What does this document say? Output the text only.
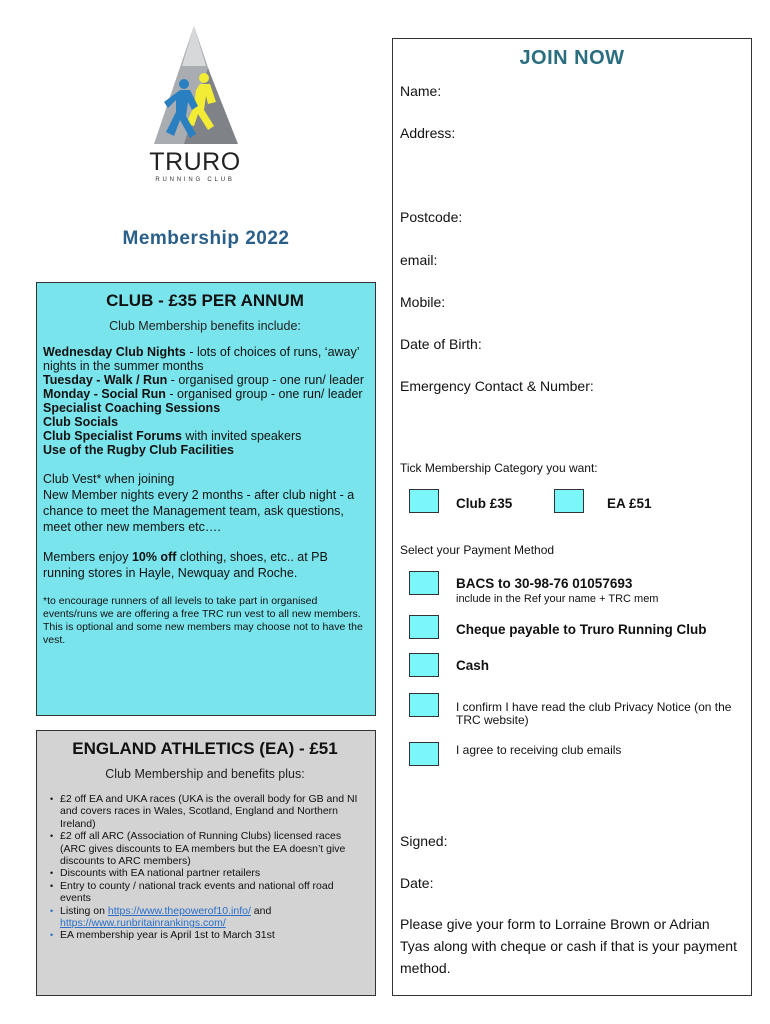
TRURO
RUNNING CLUB
Membership 2022
CLUB - £35 PER ANNUM
Club Membership benefits include:
Wednesday Club Nights - lots of choices of runs, ‘away’ nights in the summer months
Tuesday - Walk / Run - organised group - one run/ leader
Monday - Social Run - organised group - one run/ leader
Specialist Coaching Sessions
Club Socials
Club Specialist Forums with invited speakers
Use of the Rugby Club Facilities
Club Vest* when joining
New Member nights every 2 months - after club night - a chance to meet the Management team, ask questions, meet other new members etc….
Members enjoy 10% off clothing, shoes, etc.. at PB running stores in Hayle, Newquay and Roche.
*to encourage runners of all levels to take part in organised events/runs we are offering a free TRC run vest to all new members. This is optional and some new members may choose not to have the vest.
ENGLAND ATHLETICS (EA) - £51
Club Membership and benefits plus:
• £2 off EA and UKA races (UKA is the overall body for GB and NI and covers races in Wales, Scotland, England and Northern Ireland)
• £2 off all ARC (Association of Running Clubs) licensed races (ARC gives discounts to EA members but the EA doesn’t give discounts to ARC members)
• Discounts with EA national partner retailers
• Entry to county / national track events and national off road events
• Listing on https://www.thepowerof10.info/ and https://www.runbritainrankings.com/
• EA membership year is April 1st to March 31st
JOIN NOW
Name:
Address:
Postcode:
email:
Mobile:
Date of Birth:
Emergency Contact & Number:
Tick Membership Category you want:
Club £35	EA £51
Select your Payment Method
BACS to 30-98-76 01057693
include in the Ref your name + TRC mem
Cheque payable to Truro Running Club
Cash
I confirm I have read the club Privacy Notice (on the TRC website)
I agree to receiving club emails
Signed:
Date:
Please give your form to Lorraine Brown or Adrian Tyas along with cheque or cash if that is your payment method.
